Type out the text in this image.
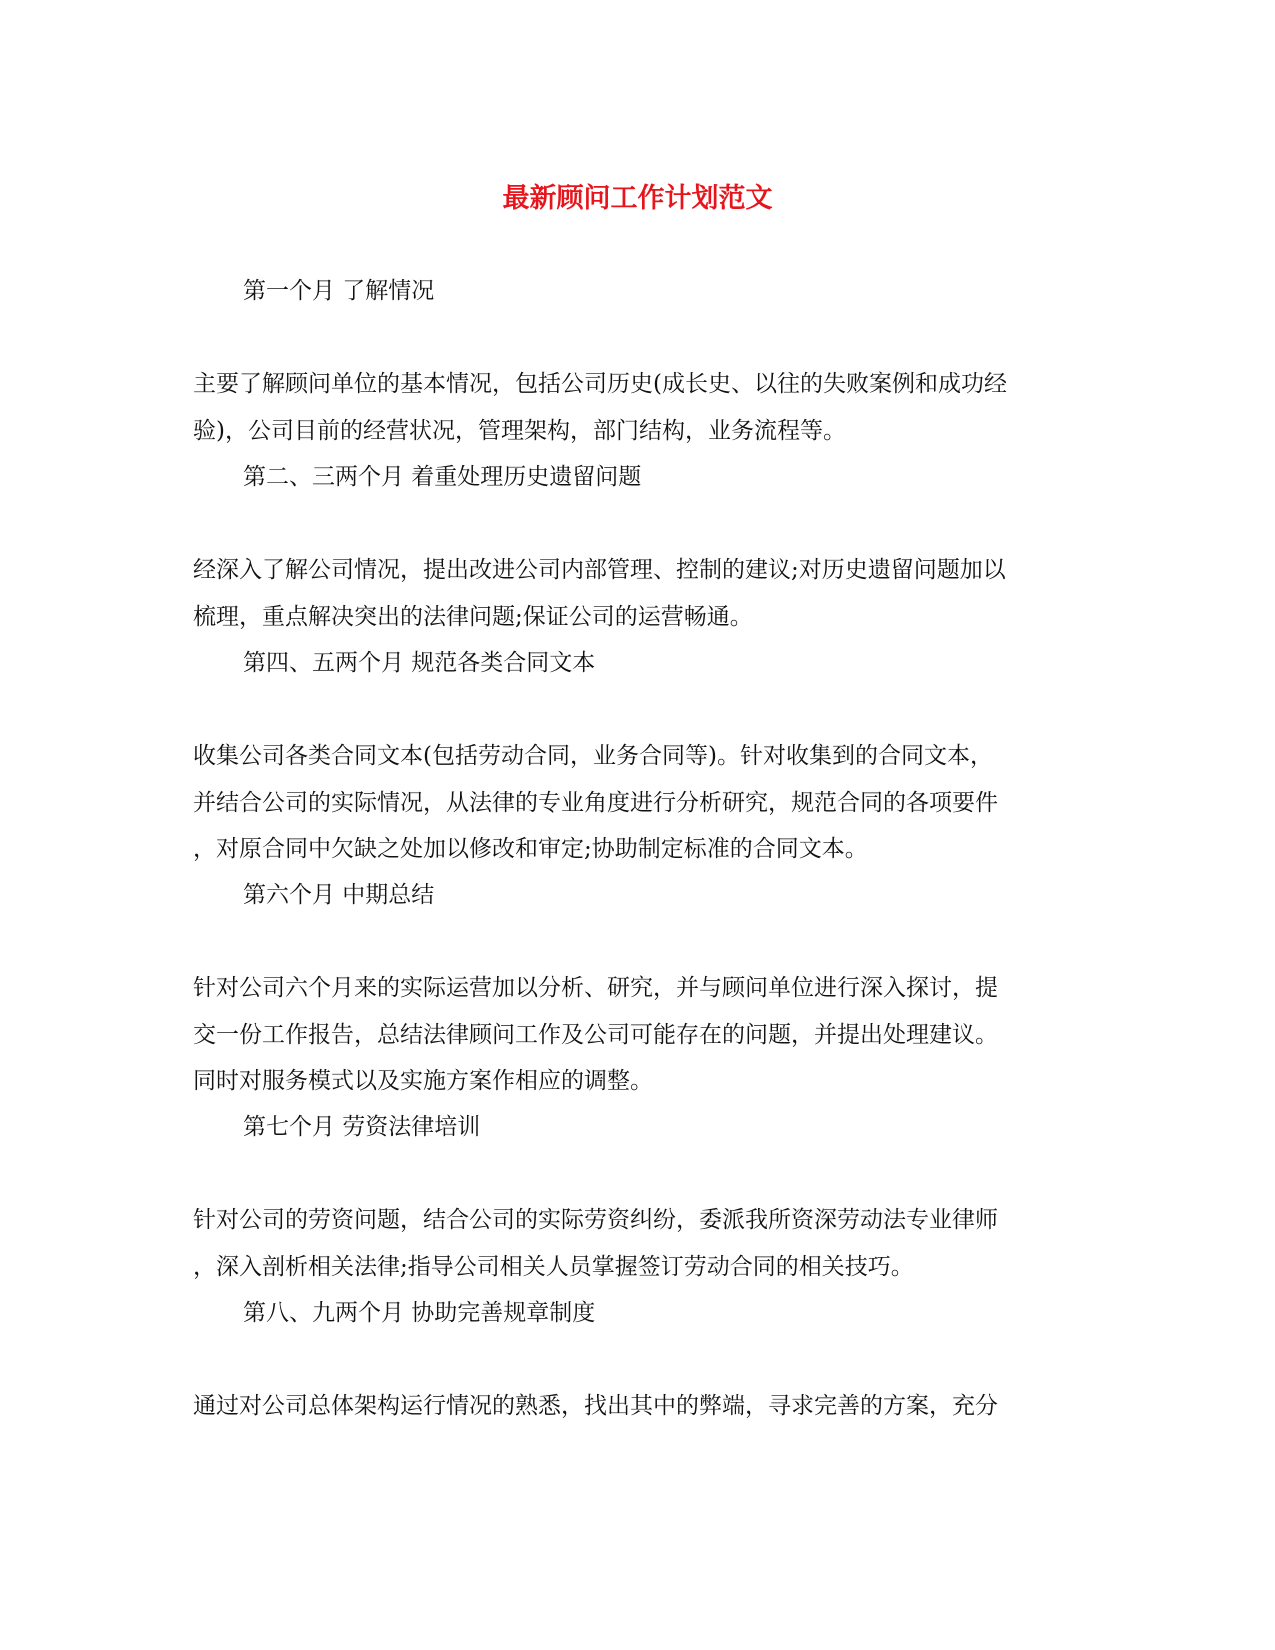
最新顾问工作计划范文
第一个月 了解情况
主要了解顾问单位的基本情况，包括公司历史(成长史、以往的失败案例和成功经
验)，公司目前的经营状况，管理架构，部门结构，业务流程等。
第二、三两个月 着重处理历史遗留问题
经深入了解公司情况，提出改进公司内部管理、控制的建议;对历史遗留问题加以
梳理，重点解决突出的法律问题;保证公司的运营畅通。
第四、五两个月 规范各类合同文本
收集公司各类合同文本(包括劳动合同，业务合同等)。针对收集到的合同文本，
并结合公司的实际情况，从法律的专业角度进行分析研究，规范合同的各项要件
，对原合同中欠缺之处加以修改和审定;协助制定标准的合同文本。
第六个月 中期总结
针对公司六个月来的实际运营加以分析、研究，并与顾问单位进行深入探讨，提
交一份工作报告，总结法律顾问工作及公司可能存在的问题，并提出处理建议。
同时对服务模式以及实施方案作相应的调整。
第七个月 劳资法律培训
针对公司的劳资问题，结合公司的实际劳资纠纷，委派我所资深劳动法专业律师
，深入剖析相关法律;指导公司相关人员掌握签订劳动合同的相关技巧。
第八、九两个月 协助完善规章制度
通过对公司总体架构运行情况的熟悉，找出其中的弊端，寻求完善的方案，充分
